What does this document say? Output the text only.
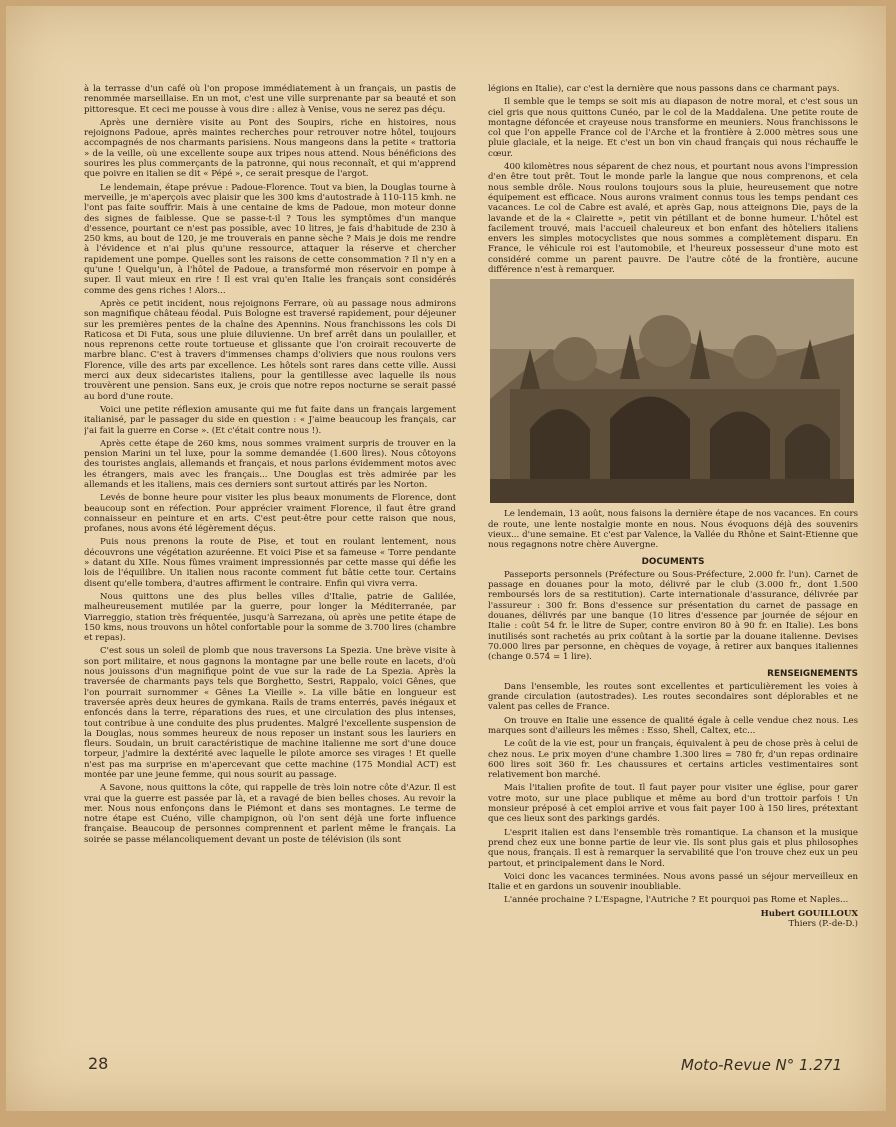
à la terrasse d'un café où l'on propose immédiatement à un français, un pastis de renommée marseillaise. En un mot, c'est une ville surprenante par sa beauté et son pittoresque. Et ceci me pousse à vous dire : allez à Venise, vous ne serez pas déçu.

Après une dernière visite au Pont des Soupirs, riche en histoires, nous rejoignons Padoue, après maintes recherches pour retrouver notre hôtel, toujours accompagnés de nos charmants parisiens. Nous mangeons dans la petite « trattoria » de la veille, où une excellente soupe aux tripes nous attend. Nous bénéficions des sourires les plus commerçants de la patronne, qui nous reconnaît, et qui m'apprend que poivre en italien se dit « Pépé », ce serait presque de l'argot.

Le lendemain, étape prévue : Padoue-Florence. Tout va bien, la Douglas tourne à merveille, je m'aperçois avec plaisir que les 300 kms d'autostrade à 110-115 kmh. ne l'ont pas faite souffrir. Mais à une centaine de kms de Padoue, mon moteur donne des signes de faiblesse. Que se passe-t-il ? Tous les symptômes d'un manque d'essence, pourtant ce n'est pas possible, avec 10 litres, je fais d'habitude de 230 à 250 kms, au bout de 120, je me trouverais en panne sèche ? Mais je dois me rendre à l'évidence et n'ai plus qu'une ressource, attaquer la réserve et chercher rapidement une pompe. Quelles sont les raisons de cette consommation ? Il n'y en a qu'une ! Quelqu'un, à l'hôtel de Padoue, a transformé mon réservoir en pompe à super. Il vaut mieux en rire ! Il est vrai qu'en Italie les français sont considérés comme des gens riches ! Alors...

Après ce petit incident, nous rejoignons Ferrare, où au passage nous admirons son magnifique château féodal. Puis Bologne est traversé rapidement, pour déjeuner sur les premières pentes de la chaîne des Apennins. Nous franchissons les cols Di Raticosa et Di Futa, sous une pluie diluvienne. Un bref arrêt dans un poulailler, et nous reprenons cette route tortueuse et glissante que l'on croirait recouverte de marbre blanc. C'est à travers d'immenses champs d'oliviers que nous roulons vers Florence, ville des arts par excellence. Les hôtels sont rares dans cette ville. Aussi merci aux deux sidecaristes italiens, pour la gentillesse avec laquelle ils nous trouvèrent une pension. Sans eux, je crois que notre repos nocturne se serait passé au bord d'une route.

Voici une petite réflexion amusante qui me fut faite dans un français largement italianisé, par le passager du side en question : « J'aime beaucoup les français, car j'ai fait la guerre en Corse ». (Et c'était contre nous !).

Après cette étape de 260 kms, nous sommes vraiment surpris de trouver en la pension Marini un tel luxe, pour la somme demandée (1.600 lires). Nous côtoyons des touristes anglais, allemands et français, et nous parlons évidemment motos avec les étrangers, mais avec les français... Une Douglas est très admirée par les allemands et les italiens, mais ces derniers sont surtout attirés par les Norton.

Levés de bonne heure pour visiter les plus beaux monuments de Florence, dont beaucoup sont en réfection. Pour apprécier vraiment Florence, il faut être grand connaisseur en peinture et en arts. C'est peut-être pour cette raison que nous, profanes, nous avons été légèrement déçus.

Puis nous prenons la route de Pise, et tout en roulant lentement, nous découvrons une végétation azuréenne. Et voici Pise et sa fameuse « Torre pendante » datant du XIIe. Nous fûmes vraiment impressionnés par cette masse qui défie les lois de l'équilibre. Un italien nous raconte comment fut bâtie cette tour. Certains disent qu'elle tombera, d'autres affirment le contraire. Enfin qui vivra verra.

Nous quittons une des plus belles villes d'Italie, patrie de Galilée, malheureusement mutilée par la guerre, pour longer la Méditerranée, par Viarreggio, station très fréquentée, jusqu'à Sarrezana, où après une petite étape de 150 kms, nous trouvons un hôtel confortable pour la somme de 3.700 lires (chambre et repas).

C'est sous un soleil de plomb que nous traversons La Spezia. Une brève visite à son port militaire, et nous gagnons la montagne par une belle route en lacets, d'où nous jouissons d'un magnifique point de vue sur la rade de La Spezia. Après la traversée de charmants pays tels que Borghetto, Sestri, Rappalo, voici Gênes, que l'on pourrait surnommer « Gênes La Vieille ». La ville bâtie en longueur est traversée après deux heures de gymkana. Rails de trams enterrés, pavés inégaux et enfoncés dans la terre, réparations des rues, et une circulation des plus intenses, tout contribue à une conduite des plus prudentes. Malgré l'excellente suspension de la Douglas, nous sommes heureux de nous reposer un instant sous les lauriers en fleurs. Soudain, un bruit caractéristique de machine italienne me sort d'une douce torpeur, j'admire la dextérité avec laquelle le pilote amorce ses virages ! Et quelle n'est pas ma surprise en m'apercevant que cette machine (175 Mondial ACT) est montée par une jeune femme, qui nous sourit au passage.

A Savone, nous quittons la côte, qui rappelle de très loin notre côte d'Azur. Il est vrai que la guerre est passée par là, et a ravagé de bien belles choses. Au revoir la mer. Nous nous enfonçons dans le Piémont et dans ses montagnes. Le terme de notre étape est Cuéno, ville champignon, où l'on sent déjà une forte influence française. Beaucoup de personnes comprennent et parlent même le français. La soirée se passe mélancoliquement devant un poste de télévision (ils sont

légions en Italie), car c'est la dernière que nous passons dans ce charmant pays.

Il semble que le temps se soit mis au diapason de notre moral, et c'est sous un ciel gris que nous quittons Cunéo, par le col de la Maddalena. Une petite route de montagne défoncée et crayeuse nous transforme en meuniers. Nous franchissons le col que l'on appelle France col de l'Arche et la frontière à 2.000 mètres sous une pluie glaciale, et la neige. Et c'est un bon vin chaud français qui nous réchauffe le cœur.

400 kilomètres nous séparent de chez nous, et pourtant nous avons l'impression d'en être tout prêt. Tout le monde parle la langue que nous comprenons, et cela nous semble drôle. Nous roulons toujours sous la pluie, heureusement que notre équipement est efficace. Nous aurons vraiment connus tous les temps pendant ces vacances. Le col de Cabre est avalé, et après Gap, nous atteignons Die, pays de la lavande et de la « Clairette », petit vin pétillant et de bonne humeur. L'hôtel est facilement trouvé, mais l'accueil chaleureux et bon enfant des hôteliers italiens envers les simples motocyclistes que nous sommes a complètement disparu. En France, le véhicule roi est l'automobile, et l'heureux possesseur d'une moto est considéré comme un parent pauvre. De l'autre côté de la frontière, aucune différence n'est à remarquer.

Le lendemain, 13 août, nous faisons la dernière étape de nos vacances. En cours de route, une lente nostalgie monte en nous. Nous évoquons déjà des souvenirs vieux... d'une semaine. Et c'est par Valence, la Vallée du Rhône et Saint-Etienne que nous regagnons notre chère Auvergne.

DOCUMENTS

Passeports personnels (Préfecture ou Sous-Préfecture, 2.000 fr. l'un). Carnet de passage en douanes pour la moto, délivré par le club (3.000 fr., dont 1.500 remboursés lors de sa restitution). Carte internationale d'assurance, délivrée par l'assureur : 300 fr. Bons d'essence sur présentation du carnet de passage en douanes, délivrés par une banque (10 litres d'essence par journée de séjour en Italie : coût 54 fr. le litre de Super, contre environ 80 à 90 fr. en Italie). Les bons inutilisés sont rachetés au prix coûtant à la sortie par la douane italienne. Devises 70.000 lires par personne, en chèques de voyage, à retirer aux banques italiennes (change 0.574 = 1 lire).

RENSEIGNEMENTS

Dans l'ensemble, les routes sont excellentes et particulièrement les voies à grande circulation (autostrades). Les routes secondaires sont déplorables et ne valent pas celles de France.

On trouve en Italie une essence de qualité égale à celle vendue chez nous. Les marques sont d'ailleurs les mêmes : Esso, Shell, Caltex, etc...

Le coût de la vie est, pour un français, équivalent à peu de chose près à celui de chez nous. Le prix moyen d'une chambre 1.300 lires = 780 fr, d'un repas ordinaire 600 lires soit 360 fr. Les chaussures et certains articles vestimentaires sont relativement bon marché.

Mais l'italien profite de tout. Il faut payer pour visiter une église, pour garer votre moto, sur une place publique et même au bord d'un trottoir parfois ! Un monsieur préposé à cet emploi arrive et vous fait payer 100 à 150 lires, prétextant que ces lieux sont des parkings gardés.

L'esprit italien est dans l'ensemble très romantique. La chanson et la musique prend chez eux une bonne partie de leur vie. Ils sont plus gais et plus philosophes que nous, français. Il est à remarquer la servabilité que l'on trouve chez eux un peu partout, et principalement dans le Nord.

Voici donc les vacances terminées. Nous avons passé un séjour merveilleux en Italie et en gardons un souvenir inoubliable.

L'année prochaine ? L'Espagne, l'Autriche ? Et pourquoi pas Rome et Naples...

Hubert GOUILLOUX
Thiers (P.-de-D.)
28	Moto-Revue N° 1.271
